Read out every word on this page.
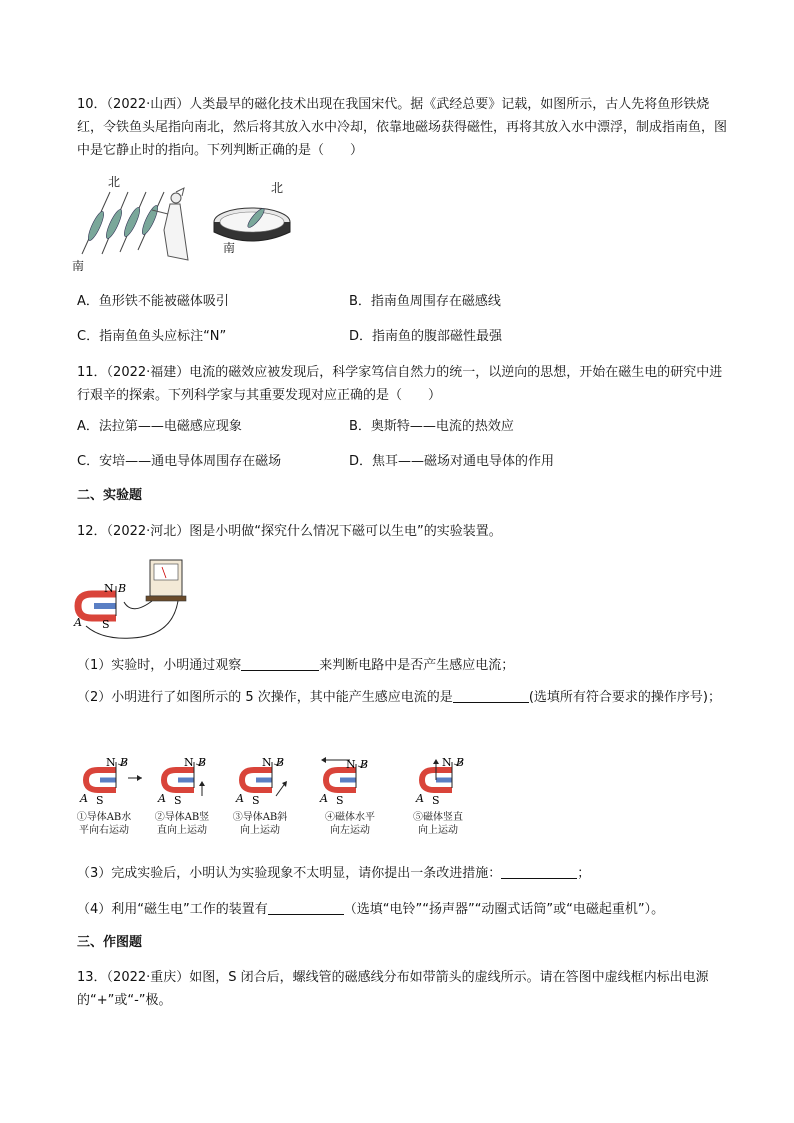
10．（2022·山西）人类最早的磁化技术出现在我国宋代。据《武经总要》记载，如图所示，古人先将鱼形铁烧红，令铁鱼头尾指向南北，然后将其放入水中冷却，依靠地磁场获得磁性，再将其放入水中漂浮，制成指南鱼，图中是它静止时的指向。下列判断正确的是（　　）
北
南
北
南
A．鱼形铁不能被磁体吸引	B．指南鱼周围存在磁感线
C．指南鱼鱼头应标注“N”	D．指南鱼的腹部磁性最强
11．（2022·福建）电流的磁效应被发现后，科学家笃信自然力的统一，以逆向的思想，开始在磁生电的研究中进行艰辛的探索。下列科学家与其重要发现对应正确的是（　　）
A．法拉第——电磁感应现象	B．奥斯特——电流的热效应
C．安培——通电导体周围存在磁场	D．焦耳——磁场对通电导体的作用
二、实验题
12．（2022·河北）图是小明做“探究什么情况下磁可以生电”的实验装置。
N B
A S
（1）实验时，小明通过观察	来判断电路中是否产生感应电流；
（2）小明进行了如图所示的 5 次操作，其中能产生感应电流的是	(选填所有符合要求的操作序号)；
N B
A S
N B
A S
N B
A S
N B
A S
N B
A S
①导体AB水
平向右运动
②导体AB竖
直向上运动
③导体AB斜
向上运动
④磁体水平
向左运动
⑤磁体竖直
向上运动
（3）完成实验后，小明认为实验现象不太明显，请你提出一条改进措施：	；
（4）利用“磁生电”工作的装置有	（选填“电铃”“扬声器”“动圈式话筒”或“电磁起重机”）。
三、作图题
13．（2022·重庆）如图，S 闭合后，螺线管的磁感线分布如带箭头的虚线所示。请在答图中虚线框内标出电源的“+”或“-”极。
